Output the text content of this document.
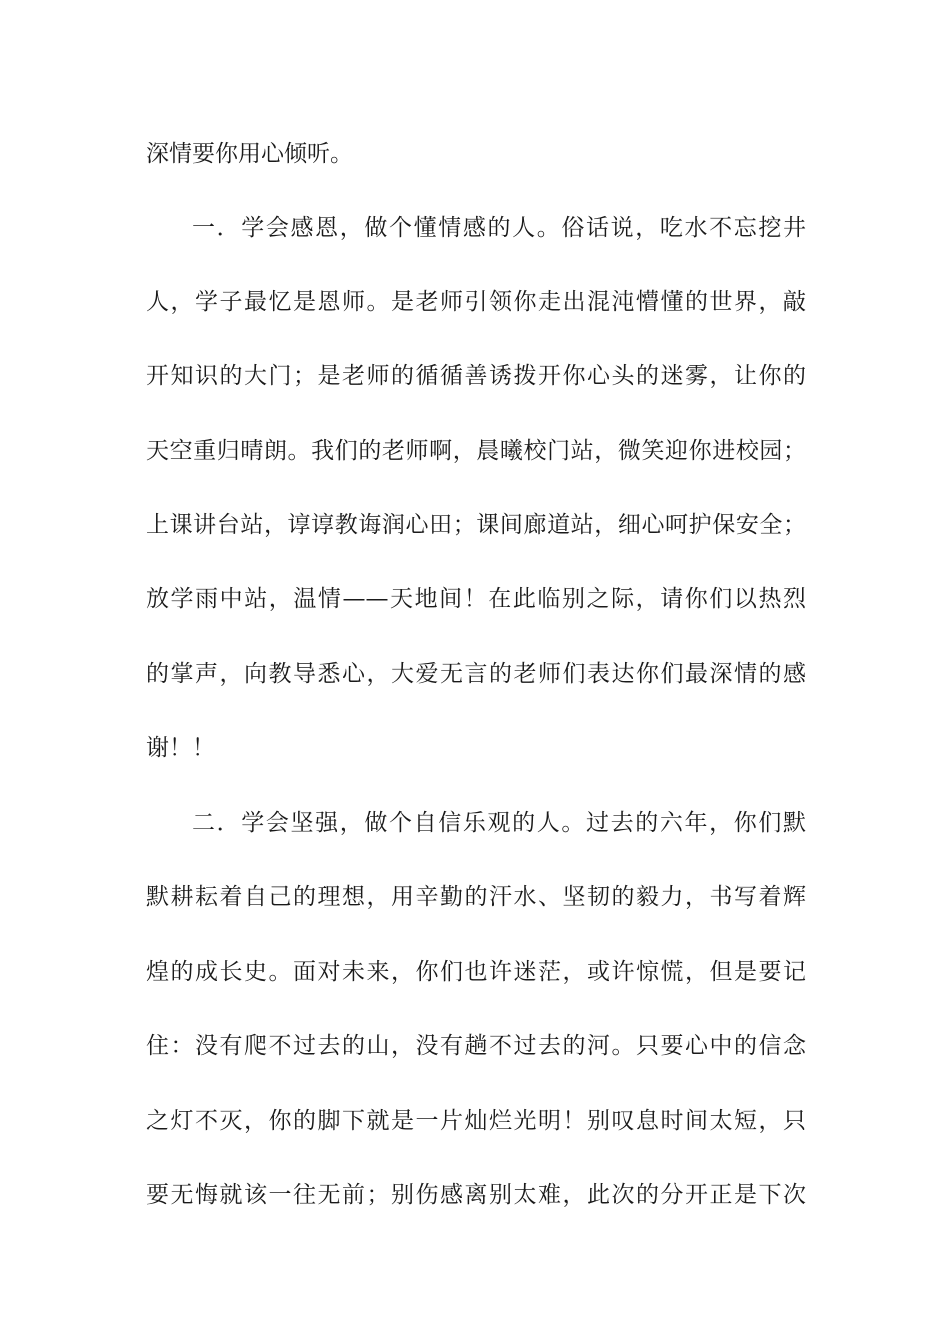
深情要你用心倾听。
一．学会感恩，做个懂情感的人。俗话说，吃水不忘挖井
人，学子最忆是恩师。是老师引领你走出混沌懵懂的世界，敲
开知识的大门；是老师的循循善诱拨开你心头的迷雾，让你的
天空重归晴朗。我们的老师啊，晨曦校门站，微笑迎你进校园；
上课讲台站，谆谆教诲润心田；课间廊道站，细心呵护保安全；
放学雨中站，温情——天地间！在此临别之际，请你们以热烈
的掌声，向教导悉心，大爱无言的老师们表达你们最深情的感
谢！！
二．学会坚强，做个自信乐观的人。过去的六年，你们默
默耕耘着自己的理想，用辛勤的汗水、坚韧的毅力，书写着辉
煌的成长史。面对未来，你们也许迷茫，或许惊慌，但是要记
住：没有爬不过去的山，没有趟不过去的河。只要心中的信念
之灯不灭，你的脚下就是一片灿烂光明！别叹息时间太短，只
要无悔就该一往无前；别伤感离别太难，此次的分开正是下次
